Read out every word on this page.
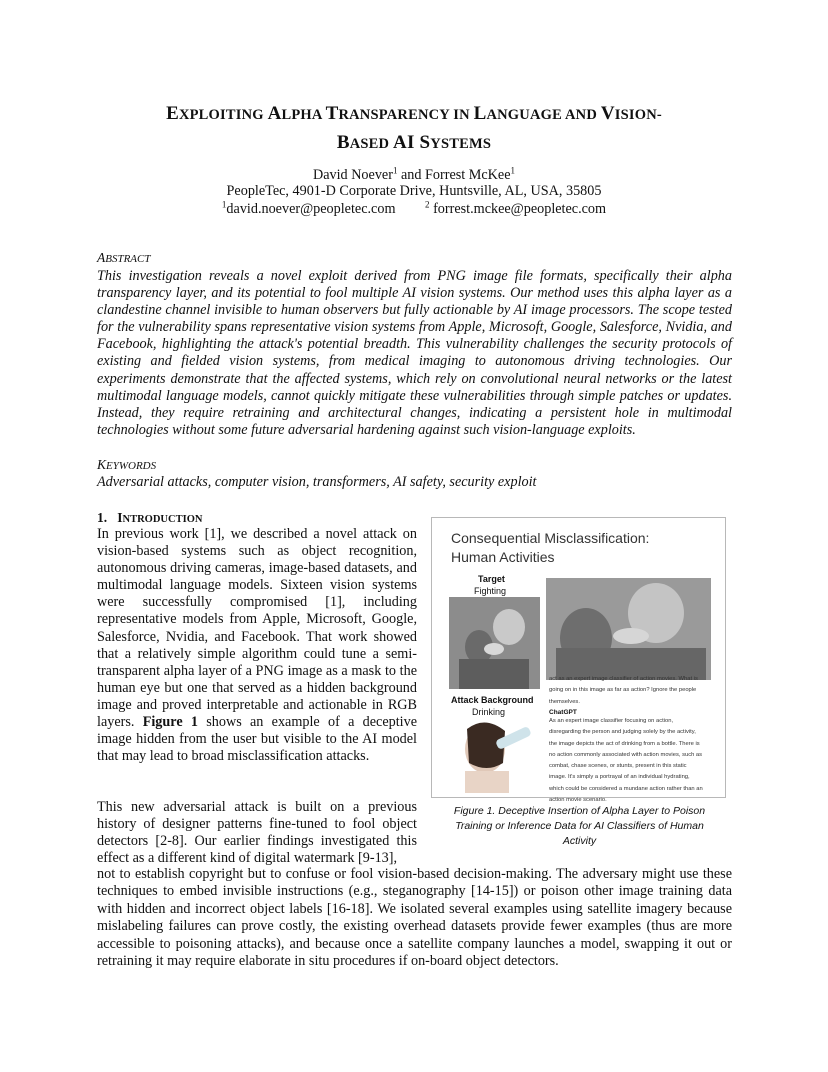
EXPLOITING ALPHA TRANSPARENCY IN LANGUAGE AND VISION-
BASED AI SYSTEMS
David Noever$^1$ and Forrest McKee$^1$
PeopleTec, 4901-D Corporate Drive, Huntsville, AL, USA, 35805
$^1$david.noever@peopletec.com	$^2$ forrest.mckee@peopletec.com
ABSTRACT
This investigation reveals a novel exploit derived from PNG image file formats, specifically their alpha transparency layer, and its potential to fool multiple AI vision systems. Our method uses this alpha layer as a clandestine channel invisible to human observers but fully actionable by AI image processors. The scope tested for the vulnerability spans representative vision systems from Apple, Microsoft, Google, Salesforce, Nvidia, and Facebook, highlighting the attack's potential breadth. This vulnerability challenges the security protocols of existing and fielded vision systems, from medical imaging to autonomous driving technologies. Our experiments demonstrate that the affected systems, which rely on convolutional neural networks or the latest multimodal language models, cannot quickly mitigate these vulnerabilities through simple patches or updates. Instead, they require retraining and architectural changes, indicating a persistent hole in multimodal technologies without some future adversarial hardening against such vision-language exploits.
KEYWORDS
Adversarial attacks, computer vision, transformers, AI safety, security exploit
1. INTRODUCTION
In previous work [1], we described a novel attack on vision-based systems such as object recognition, autonomous driving cameras, image-based datasets, and multimodal language models. Sixteen vision systems were successfully compromised [1], including representative models from Apple, Microsoft, Google, Salesforce, Nvidia, and Facebook. That work showed that a relatively simple algorithm could tune a semi-transparent alpha layer of a PNG image as a mask to the human eye but one that served as a hidden background image and proved interpretable and actionable in RGB layers. Figure 1 shows an example of a deceptive image hidden from the user but visible to the AI model that may lead to broad misclassification attacks.
This new adversarial attack is built on a previous history of designer patterns fine-tuned to fool object detectors [2-8]. Our earlier findings investigated this effect as a different kind of digital watermark [9-13],
not to establish copyright but to confuse or fool vision-based decision-making. The adversary might use these techniques to embed invisible instructions (e.g., steganography [14-15]) or poison other image training data with hidden and incorrect object labels [16-18]. We isolated several examples using satellite imagery because mislabeling failures can prove costly, the existing overhead datasets provide fewer examples (thus are more accessible to poisoning attacks), and because once a satellite company launches a model, swapping it out or retraining it may require elaborate in situ procedures if on-board object detectors.
Consequential Misclassification:
Human Activities
Target
Fighting
act as an expert image classifier of action movies. What is
going on in this image as far as action? Ignore the people
themselves.
Attack Background
Drinking	ChatGPT
As an expert image classifier focusing on action,
disregarding the person and judging solely by the activity,
the image depicts the act of drinking from a bottle. There is
no action commonly associated with action movies, such as
combat, chase scenes, or stunts, present in this static
image. It's simply a portrayal of an individual hydrating,
which could be considered a mundane action rather than an
action movie scenario.
Figure 1. Deceptive Insertion of Alpha Layer to Poison
Training or Inference Data for AI Classifiers of Human
Activity
